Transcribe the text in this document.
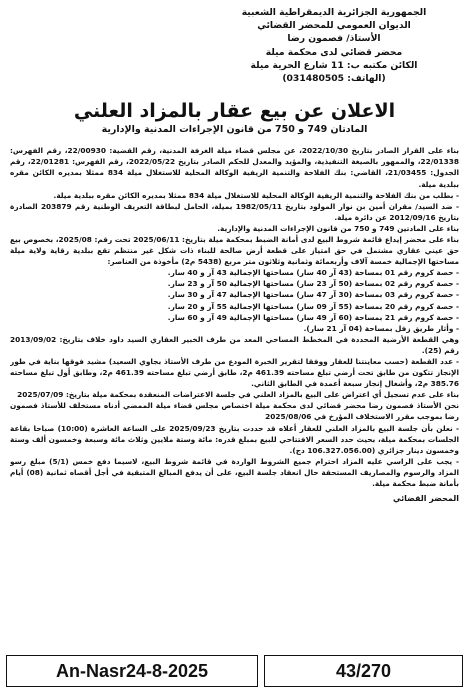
الجمهورية الجزائرية الديمقراطية الشعبية
الديوان العمومي للمحضر القضائي
الأستاذ/ فصمون رضا
محضر قضائي لدى محكمة ميلة
الكائن مكتبه ب: 11 شارع الحرية ميلة
(الهاتف: 031480505)
الاعلان عن بيع عقار بالمزاد العلني
المادتان 749 و 750 من قانون الإجراءات المدنية والإدارية

بناء على القرار الصادر بتاريخ 2022/10/30، عن مجلس قضاء ميلة الغرفة المدنية، رقم القضية: 22/00930، رقم الفهرس: 22/01338، والممهور بالصيغة التنفيذية، والمؤيد والمعدل للحكم الصادر بتاريخ 2022/05/22، رقم الفهرس: 22/01281، رقم الجدول: 21/03455، القاضي: بنك الفلاحة والتنمية الريفية الوكالة المحلية للاستغلال ميلة 834 ممثلا بمديره الكائن مقره ببلدية ميلة.

- بطلب من بنك الفلاحة والتنمية الريفية الوكالة المحلية للاستغلال ميلة 834 ممثلا بمديره الكائن مقره ببلدية ميلة.

- ضد السيد/ مقران أمين بن نوار المولود بتاريخ 1982/05/11 بميلة، الحامل لبطاقة التعريف الوطنية رقم 203879 الصادرة بتاريخ 2012/09/16 عن دائرة ميلة.

بناء على المادتين 749 و 750 من قانون الإجراءات المدنية والإدارية.

بناء على محضر إيداع قائمة شروط البيع لدى أمانة الضبط بمحكمة ميلة بتاريخ: 2025/06/11 تحت رقم: 2025/08، بخصوص بيع حق عيني عقاري مشتمل في حق امتياز على قطعة أرض صالحة للبناء ذات شكل غير منتظم تقع ببلدية رقاية ولاية ميلة مساحتها الإجمالية خمسة آلاف وأربعمائة وثمانية وثلاثون متر مربع (5438 م2) مأخوذة من العناصر:

- حصة كروم رقم 01 بمساحة (43 آر 40 سار) مساحتها الإجمالية 43 آر و 40 سار.

- حصة كروم رقم 02 بمساحة (50 آر 23 سار) مساحتها الإجمالية 50 آر و 23 سار.

- حصة كروم رقم 03 بمساحة (30 آر 47 سار) مساحتها الإجمالية 47 آر و 30 سار.

- حصة كروم رقم 20 بمساحة (55 آر 09 سار) مساحتها الإجمالية 55 آر و 20 سار.

- حصة كروم رقم 21 بمساحة (60 آر 49 سار) مساحتها الإجمالية 49 آر و 60 سار.

- وأثار طريق زفل بمساحة (04 آر 21 سار).

وهي القطعة الأرضية المحددة في المخطط المساحي المعد من طرف الخبير العقاري السيد داود خلاف بتاريخ: 2013/09/02 رقم (25).

- عدد القطعة (حسب معاينتنا للعقار ووفقا لتقرير الخبرة المودع من طرف الأستاذ بجاوي السعيد) مشيد فوقها بناية في طور الإنجاز تتكون من طابق تحت أرضي تبلغ مساحته 461.39 م2، طابق أرضي تبلغ مساحته 461.39 م2، وطابق أول تبلغ مساحته 385.76 م2، وأشغال إنجاز سبعة أعمدة في الطابق الثاني.

بناء على عدم تسجيل أي اعتراض على البيع بالمزاد العلني في جلسة الاعتراضات المنعقدة بمحكمة ميلة بتاريخ: 2025/07/09

نحن الأستاذ فصمون رضا محضر قضائي لدى محكمة ميلة اختصاص مجلس قضاء ميلة الممضي أدناه مستخلف للأستاذ فصمون رضا بموجب مقرر الاستخلاف المؤرخ في 2025/08/06

- نعلن بأن جلسة البيع بالمزاد العلني للعقار أعلاه قد حددت بتاريخ 2025/09/23 على الساعة العاشرة (10:00) صباحا بقاعة الجلسات بمحكمة ميلة، بحيث حدد السعر الافتتاحي للبيع بمبلغ قدره: مائة وستة ملايين وثلاث مائة وسبعة وخمسون ألف وستة وخمسون دينار جزائري (106.327.056.00 دج).

- يجب على الراسي عليه المزاد احترام جميع الشروط الواردة في قائمة شروط البيع، لاسيما دفع خمس (5/1) مبلغ رسو المزاد والرسوم والمصاريف المستحقة حال انعقاد جلسة البيع، على أن يدفع المبالغ المتبقية في أجل أقصاه ثمانية (08) أيام بأمانة ضبط محكمة ميلة.

المحضر القضائي
An-Nasr24-8-2025	43/270
